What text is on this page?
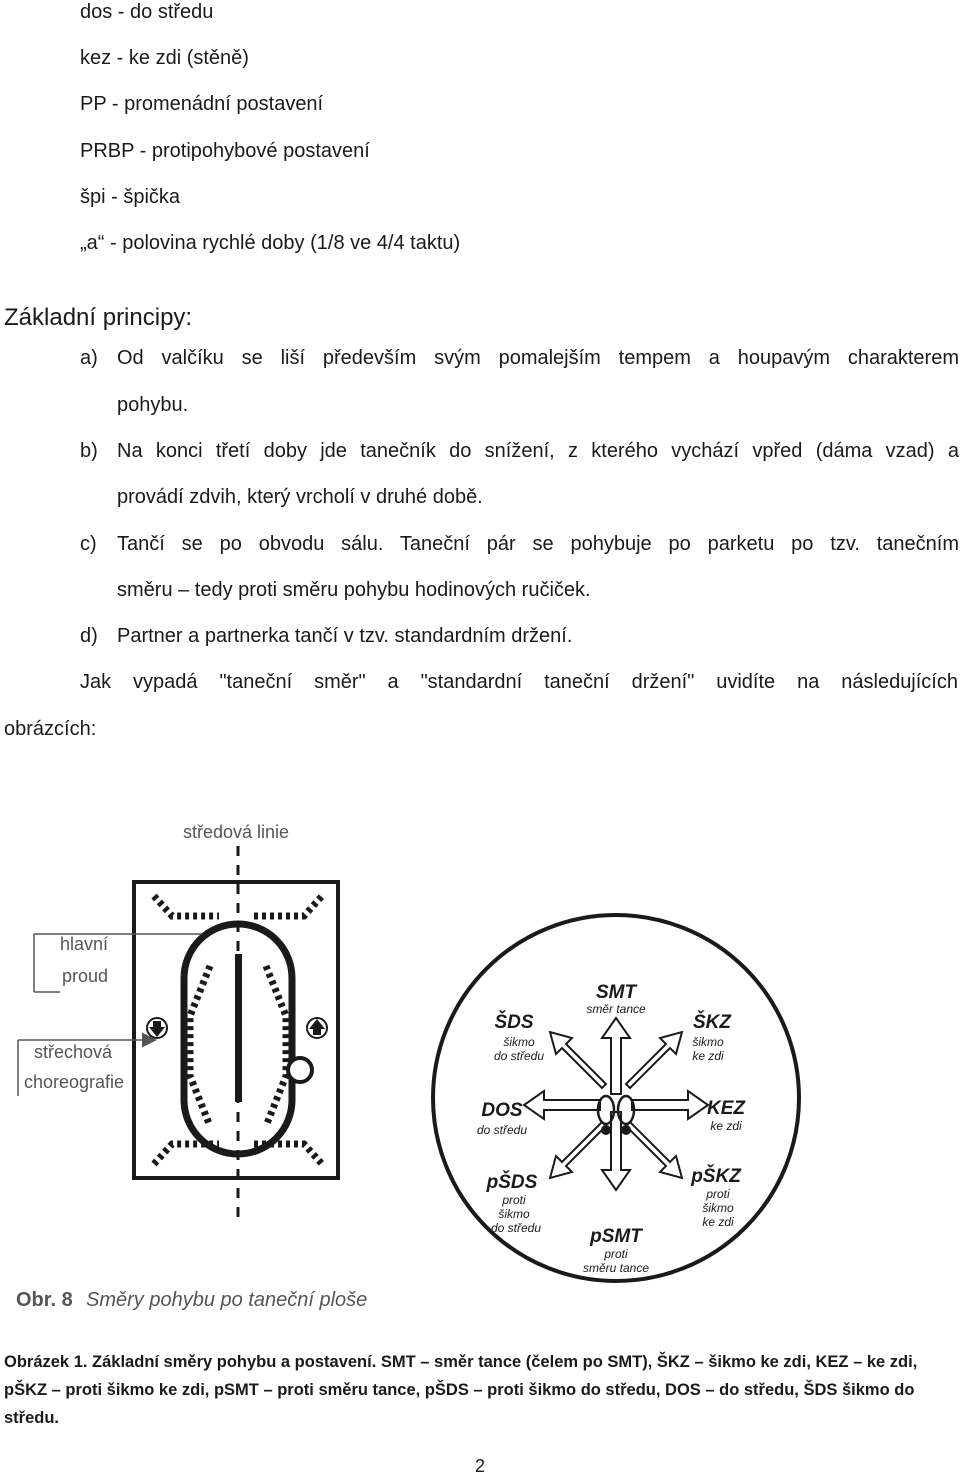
dos - do středu
kez - ke zdi (stěně)
PP - promenádní postavení
PRBP - protipohybové postavení
špi - špička
„a“ - polovina rychlé doby (1/8 ve 4/4 taktu)
Základní principy:
a) Od valčíku se liší především svým pomalejším tempem a houpavým charakterem
pohybu.
b) Na konci třetí doby jde tanečník do snížení, z kterého vychází vpřed (dáma vzad) a
provádí zdvih, který vrcholí v druhé době.
c) Tančí se po obvodu sálu. Taneční pár se pohybuje po parketu po tzv. tanečním
směru – tedy proti směru pohybu hodinových ručiček.
d) Partner a partnerka tančí v tzv. standardním držení.
Jak vypadá "taneční směr" a "standardní taneční držení" uvidíte na následujících
obrázcích:
středová linie
hlavní
proud
střechová
choreografie
SMT
směr tance
ŠDS
šikmo
do středu
ŠKZ
šikmo
ke zdi
DOS
do středu
KEZ
ke zdi
pŠDS
proti
šikmo
do středu
pŠKZ
proti
šikmo
ke zdi
pSMT
proti
směru tance
Obr. 8 Směry pohybu po taneční ploše
Obrázek 1. Základní směry pohybu a postavení. SMT – směr tance (čelem po SMT), ŠKZ – šikmo ke zdi, KEZ – ke zdi, pŠKZ – proti šikmo ke zdi, pSMT – proti směru tance, pŠDS – proti šikmo do středu, DOS – do středu, ŠDS šikmo do středu.
2
